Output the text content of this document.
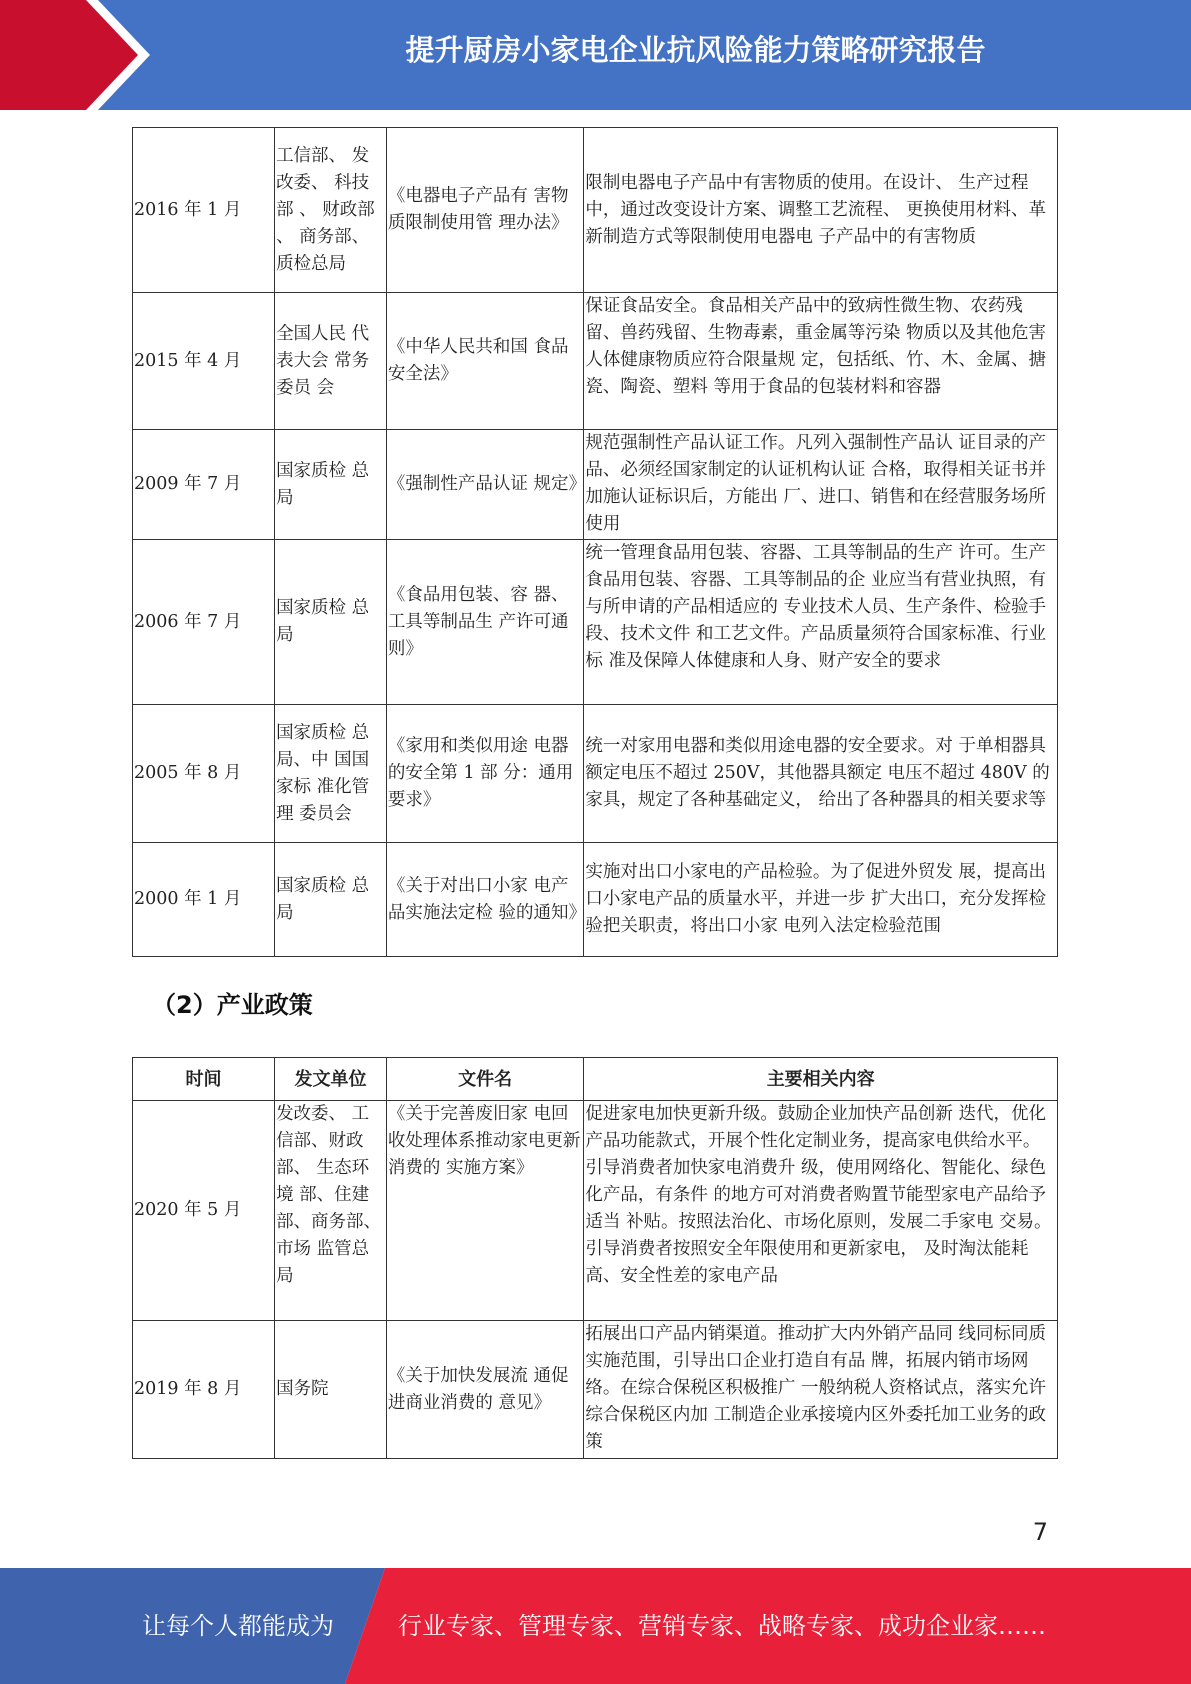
提升厨房小家电企业抗风险能力策略研究报告
2016 年 1 月	工信部、 发改委、 科技部 、 财政部 、 商务部、 质检总局	《电器电子产品有 害物质限制使用管 理办法》	限制电器电子产品中有害物质的使用。在设计、 生产过程中，通过改变设计方案、调整工艺流程、 更换使用材料、革新制造方式等限制使用电器电 子产品中的有害物质
2015 年 4 月	全国人民 代表大会 常务委员 会	《中华人民共和国 食品安全法》	保证食品安全。食品相关产品中的致病性微生物、农药残留、兽药残留、生物毒素，重金属等污染 物质以及其他危害人体健康物质应符合限量规 定，包括纸、竹、木、金属、搪瓷、陶瓷、塑料 等用于食品的包装材料和容器
2009 年 7 月	国家质检 总局	《强制性产品认证 规定》	规范强制性产品认证工作。凡列入强制性产品认 证目录的产品、必须经国家制定的认证机构认证 合格，取得相关证书并加施认证标识后，方能出 厂、进口、销售和在经营服务场所使用
2006 年 7 月	国家质检 总局	《食品用包装、容 器、工具等制品生 产许可通则》	统一管理食品用包装、容器、工具等制品的生产 许可。生产食品用包装、容器、工具等制品的企 业应当有营业执照，有与所申请的产品相适应的 专业技术人员、生产条件、检验手段、技术文件 和工艺文件。产品质量须符合国家标准、行业标 准及保障人体健康和人身、财产安全的要求
2005 年 8 月	国家质检 总局、中 国国家标 准化管理 委员会	《家用和类似用途 电器的安全第 1 部 分：通用要求》	统一对家用电器和类似用途电器的安全要求。对 于单相器具额定电压不超过 250V，其他器具额定 电压不超过 480V 的家具，规定了各种基础定义， 给出了各种器具的相关要求等
2000 年 1 月	国家质检 总局	《关于对出口小家 电产品实施法定检 验的通知》	实施对出口小家电的产品检验。为了促进外贸发 展，提高出口小家电产品的质量水平，并进一步 扩大出口，充分发挥检验把关职责，将出口小家 电列入法定检验范围
（2）产业政策
时间	发文单位	文件名	主要相关内容
2020 年 5 月	发改委、 工信部、财政部、 生态环境 部、住建部、商务部、市场 监管总局	《关于完善废旧家 电回收处理体系推动家电更新消费的 实施方案》	促进家电加快更新升级。鼓励企业加快产品创新 迭代，优化产品功能款式，开展个性化定制业务，提高家电供给水平。引导消费者加快家电消费升 级，使用网络化、智能化、绿色化产品，有条件 的地方可对消费者购置节能型家电产品给予适当 补贴。按照法治化、市场化原则，发展二手家电 交易。引导消费者按照安全年限使用和更新家电， 及时淘汰能耗高、安全性差的家电产品
2019 年 8 月	国务院	《关于加快发展流 通促进商业消费的 意见》	拓展出口产品内销渠道。推动扩大内外销产品同 线同标同质实施范围，引导出口企业打造自有品 牌，拓展内销市场网络。在综合保税区积极推广 一般纳税人资格试点，落实允许综合保税区内加 工制造企业承接境内区外委托加工业务的政策
7
让每个人都能成为	行业专家、管理专家、营销专家、战略专家、成功企业家……
